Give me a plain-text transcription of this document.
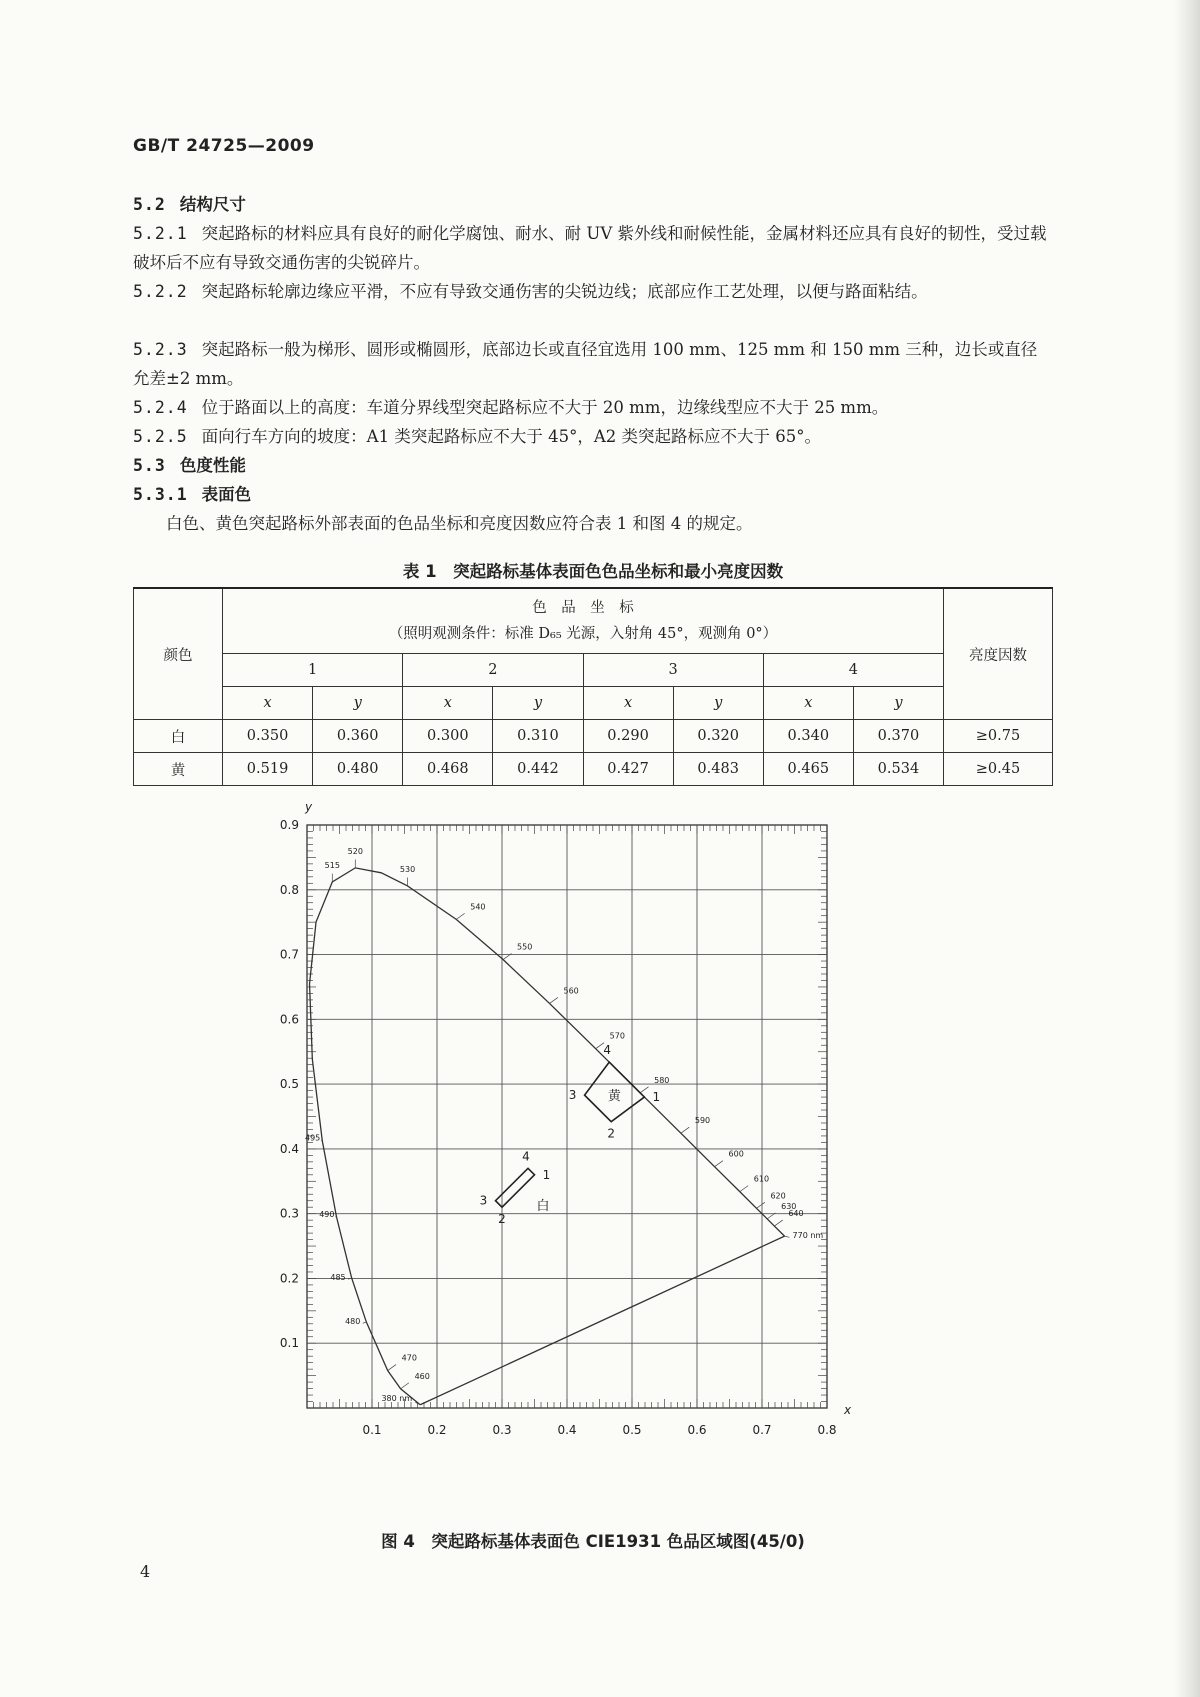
GB/T 24725—2009
5.2 结构尺寸
5.2.1 突起路标的材料应具有良好的耐化学腐蚀、耐水、耐 UV 紫外线和耐候性能，金属材料还应具有良好的韧性，受过载破坏后不应有导致交通伤害的尖锐碎片。
5.2.2 突起路标轮廓边缘应平滑，不应有导致交通伤害的尖锐边线；底部应作工艺处理，以便与路面粘结。
5.2.3 突起路标一般为梯形、圆形或椭圆形，底部边长或直径宜选用 100 mm、125 mm 和 150 mm 三种，边长或直径允差±2 mm。
5.2.4 位于路面以上的高度：车道分界线型突起路标应不大于 20 mm，边缘线型应不大于 25 mm。
5.2.5 面向行车方向的坡度：A1 类突起路标应不大于 45°，A2 类突起路标应不大于 65°。
5.3 色度性能
5.3.1 表面色
白色、黄色突起路标外部表面的色品坐标和亮度因数应符合表 1 和图 4 的规定。
表 1　突起路标基体表面色色品坐标和最小亮度因数
颜色	色　品　坐　标
（照明观测条件：标准 D₆₅ 光源，入射角 45°，观测角 0°）								亮度因数
	1		2		3		4		
	x	y	x	y	x	y	x	y	
白	0.350	0.360	0.300	0.310	0.290	0.320	0.340	0.370	≥0.75
黄	0.519	0.480	0.468	0.442	0.427	0.483	0.465	0.534	≥0.45
0.1	0.2	0.3	0.4	0.5	0.6	0.7	0.8
0.1
0.2
0.3
0.4
0.5
0.6
0.7
0.8
0.9
x
y
380 nm
460
470
480
485
490
495
515
520
530
540
550
560
570
580
590
600
610
620
630
640
770 nm
白
1
2
3
4
黄	1
2
3
4
图 4　突起路标基体表面色 CIE1931 色品区域图(45/0)
4
